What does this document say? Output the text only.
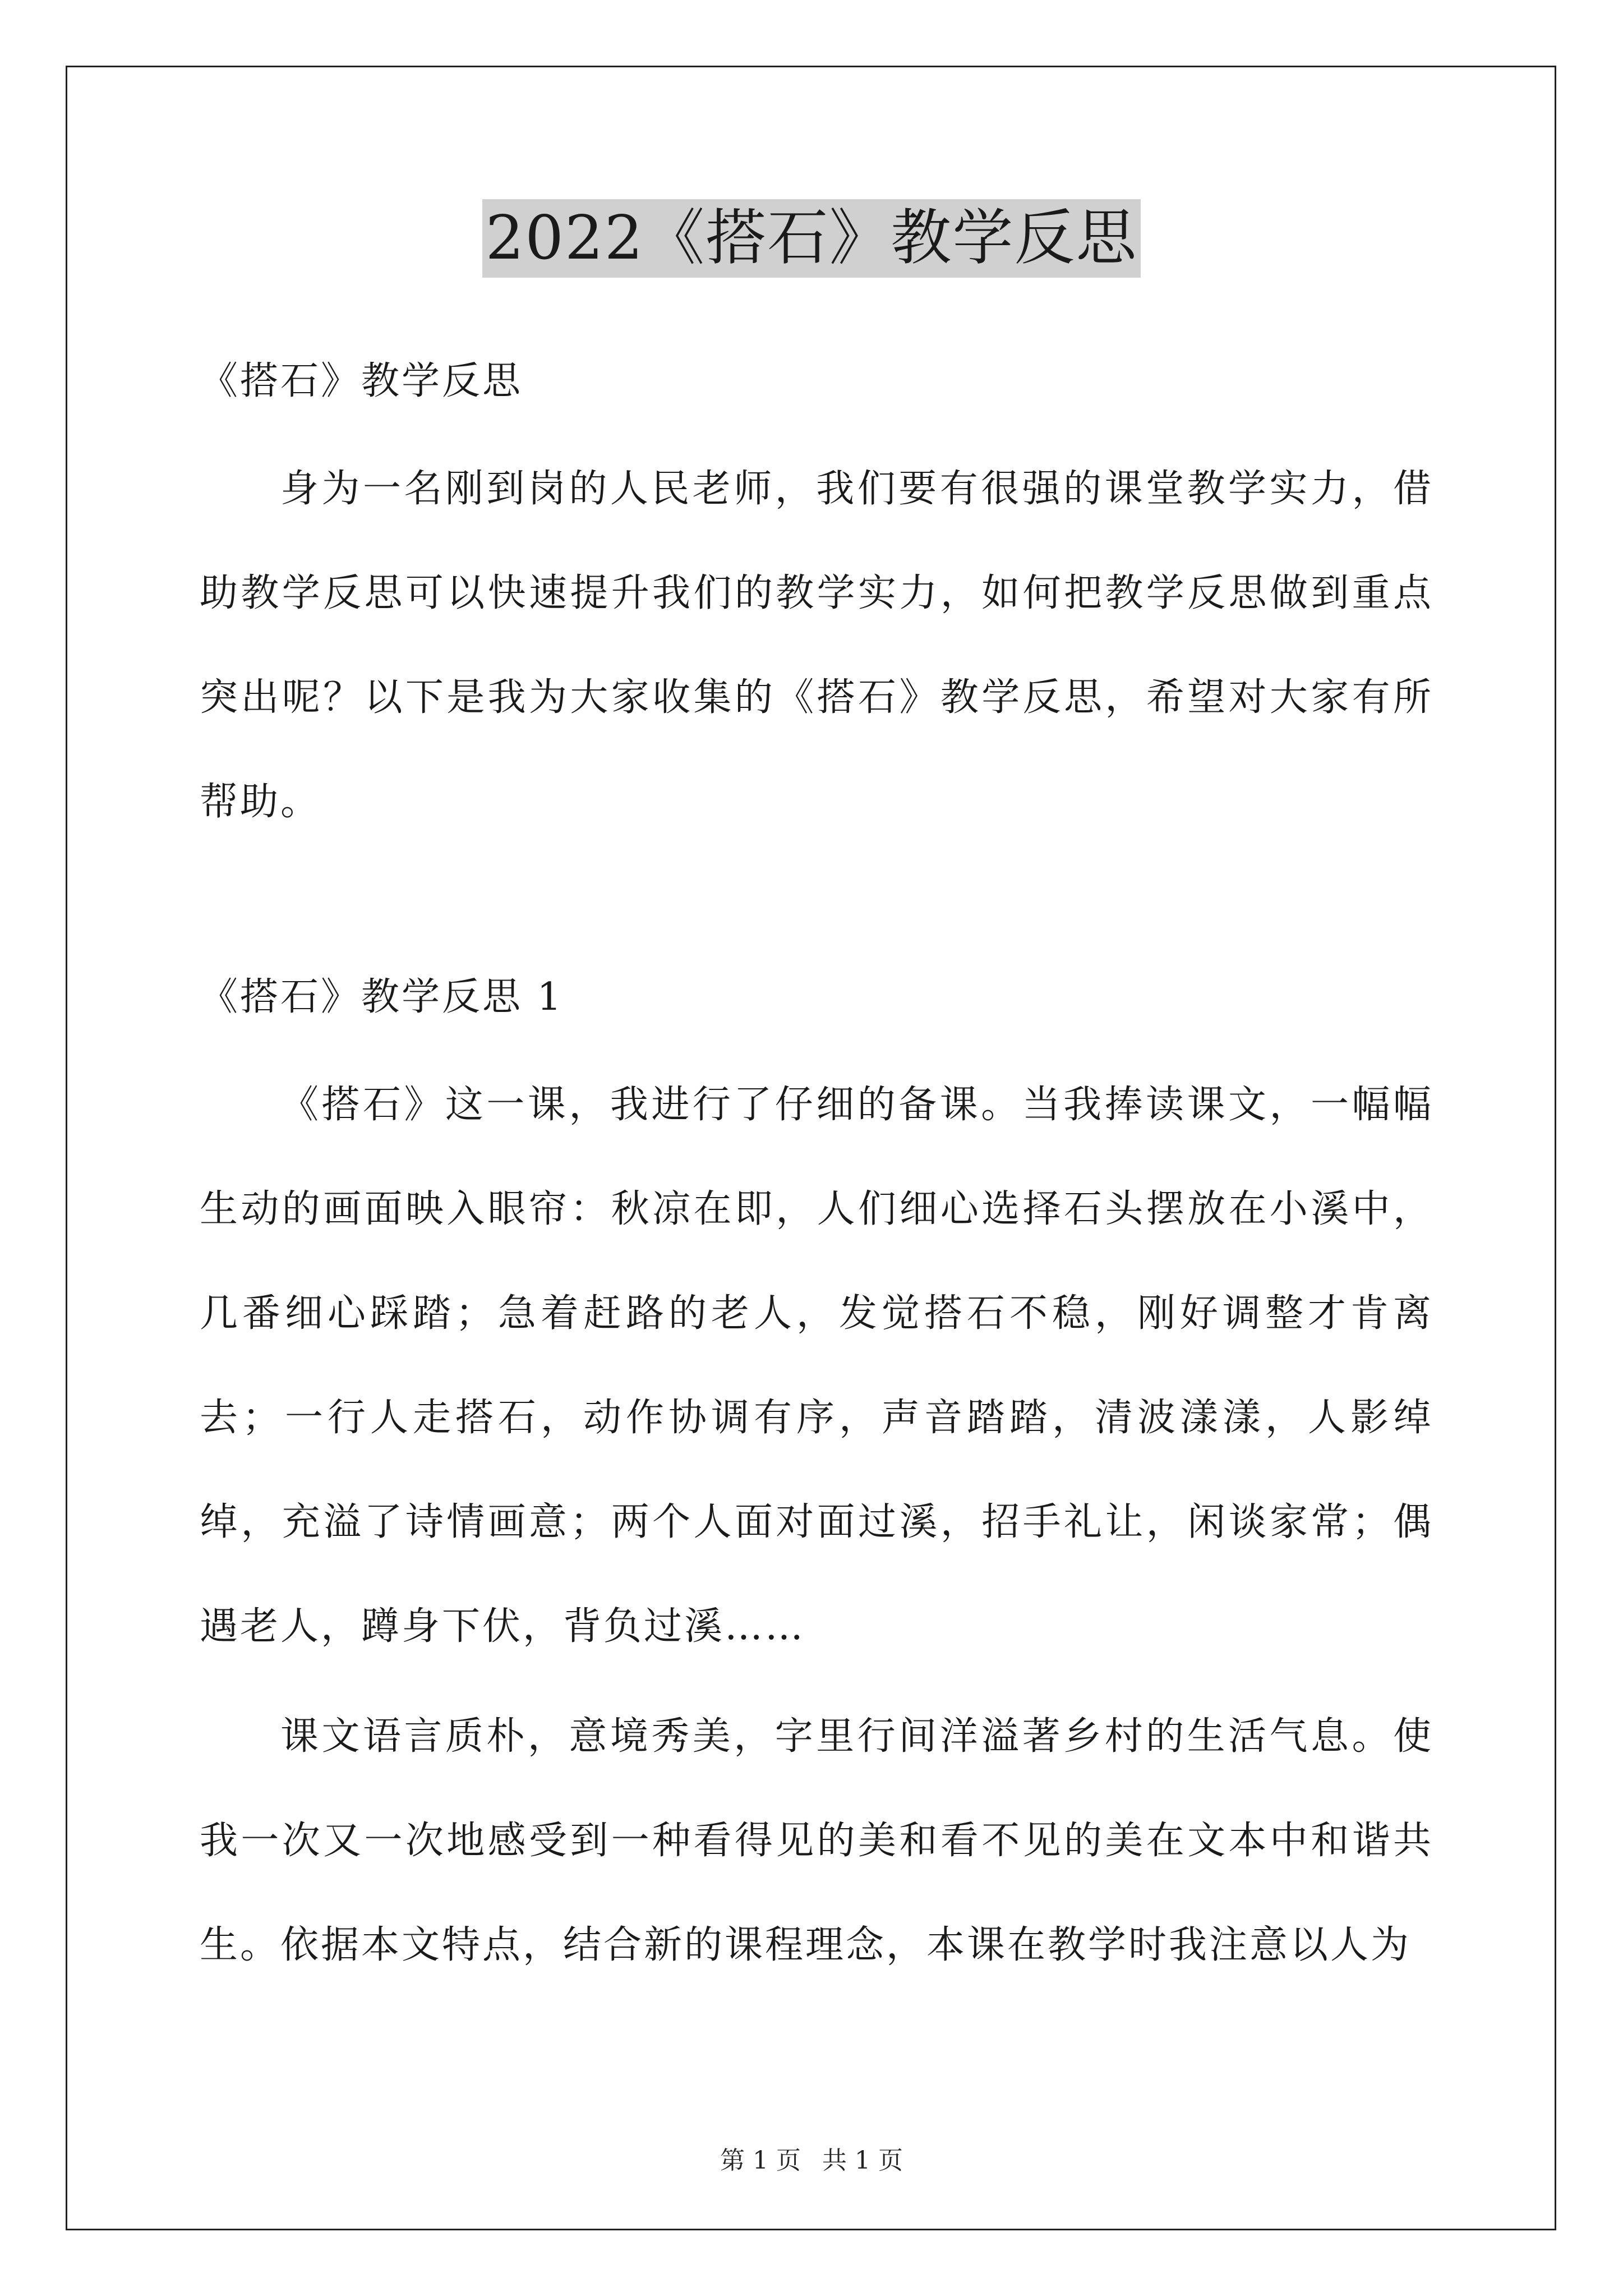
2022《搭石》教学反思

《搭石》教学反思

身为一名刚到岗的人民老师，我们要有很强的课堂教学实力，借助教学反思可以快速提升我们的教学实力，如何把教学反思做到重点突出呢？以下是我为大家收集的《搭石》教学反思，希望对大家有所帮助。

《搭石》教学反思 1

《搭石》这一课，我进行了仔细的备课。当我捧读课文，一幅幅生动的画面映入眼帘：秋凉在即，人们细心选择石头摆放在小溪中，几番细心踩踏；急着赶路的老人，发觉搭石不稳，刚好调整才肯离去；一行人走搭石，动作协调有序，声音踏踏，清波漾漾，人影绰绰，充溢了诗情画意；两个人面对面过溪，招手礼让，闲谈家常；偶遇老人，蹲身下伏，背负过溪……

课文语言质朴，意境秀美，字里行间洋溢著乡村的生活气息。使我一次又一次地感受到一种看得见的美和看不见的美在文本中和谐共生。依据本文特点，结合新的课程理念，本课在教学时我注意以人为

第 1 页 共 1 页
